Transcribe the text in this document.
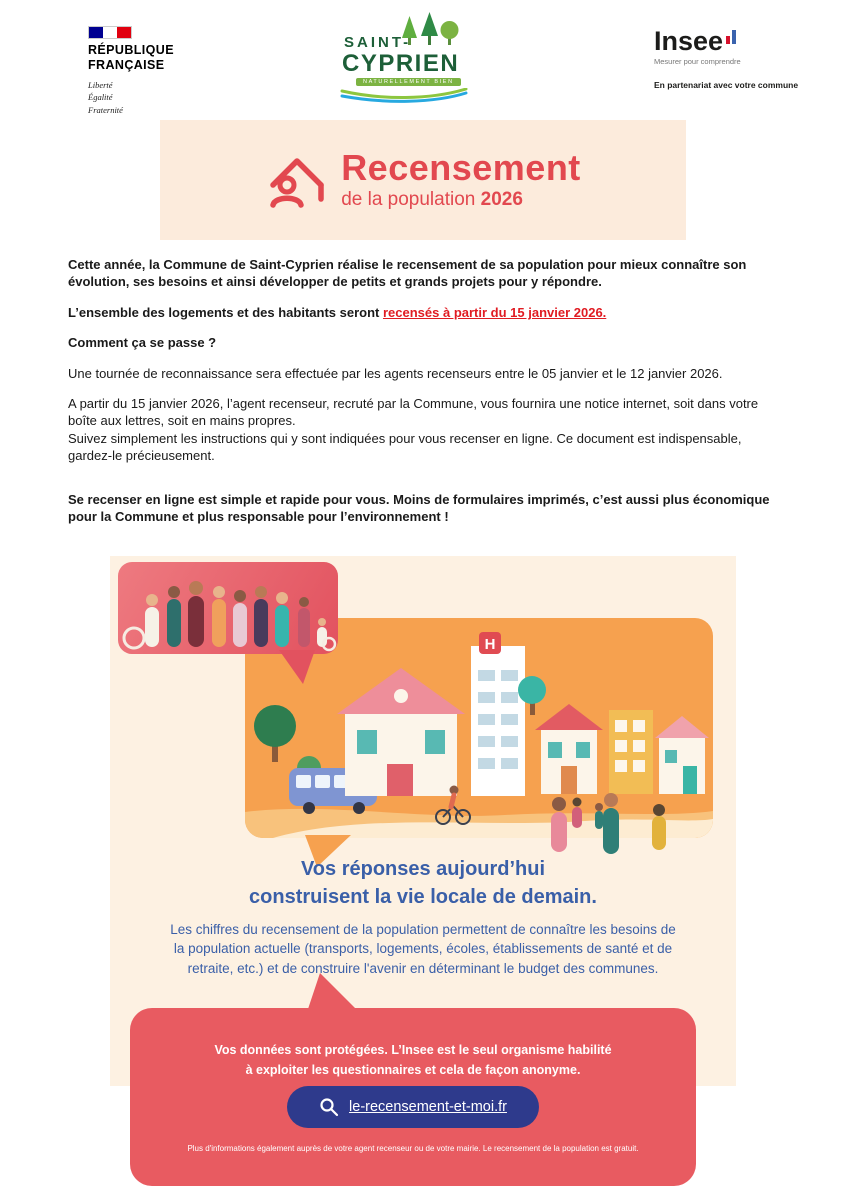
RÉPUBLIQUE
FRANÇAISE
Liberté
Égalité
Fraternité
SAINT-
CYPRIEN
NATURELLEMENT BIEN
Insee
Mesurer pour comprendre
En partenariat avec votre commune
Recensement
de la population 2026

Cette année, la Commune de Saint-Cyprien réalise le recensement de sa population pour mieux connaître son évolution, ses besoins et ainsi développer de petits et grands projets pour y répondre.

L’ensemble des logements et des habitants seront recensés à partir du 15 janvier 2026.

Comment ça se passe ?

Une tournée de reconnaissance sera effectuée par les agents recenseurs entre le 05 janvier et le 12 janvier 2026.

A partir du 15 janvier 2026, l’agent recenseur, recruté par la Commune, vous fournira une notice internet, soit dans votre boîte aux lettres, soit en mains propres.
Suivez simplement les instructions qui y sont indiquées pour vous recenser en ligne. Ce document est indispensable, gardez-le précieusement.

Se recenser en ligne est simple et rapide pour vous. Moins de formulaires imprimés, c’est aussi plus économique pour la Commune et plus responsable pour l’environnement !

H
Vos réponses aujourd’hui
construisent la vie locale de demain.

Les chiffres du recensement de la population permettent de connaître les besoins de la population actuelle (transports, logements, écoles, établissements de santé et de retraite, etc.) et de construire l'avenir en déterminant le budget des communes.

Vos données sont protégées. L’Insee est le seul organisme habilité
à exploiter les questionnaires et cela de façon anonyme.

le-recensement-et-moi.fr

Plus d'informations également auprès de votre agent recenseur ou de votre mairie. Le recensement de la population est gratuit.
